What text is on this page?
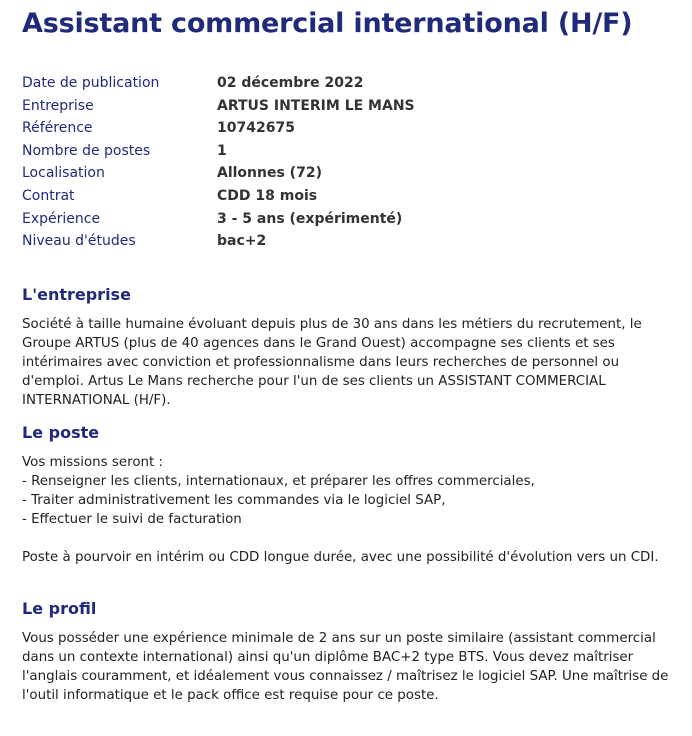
Assistant commercial international (H/F)
Date de publication	02 décembre 2022
Entreprise	ARTUS INTERIM LE MANS
Référence	10742675
Nombre de postes	1
Localisation	Allonnes (72)
Contrat	CDD 18 mois
Expérience	3 - 5 ans (expérimenté)
Niveau d'études	bac+2
L'entreprise

Société à taille humaine évoluant depuis plus de 30 ans dans les métiers du recrutement, le Groupe ARTUS (plus de 40 agences dans le Grand Ouest) accompagne ses clients et ses intérimaires avec conviction et professionnalisme dans leurs recherches de personnel ou d'emploi. Artus Le Mans recherche pour l'un de ses clients un ASSISTANT COMMERCIAL INTERNATIONAL (H/F).

Le poste

Vos missions seront :

- Renseigner les clients, internationaux, et préparer les offres commerciales,

- Traiter administrativement les commandes via le logiciel SAP,

- Effectuer le suivi de facturation

Poste à pourvoir en intérim ou CDD longue durée, avec une possibilité d'évolution vers un CDI.

Le profil

Vous posséder une expérience minimale de 2 ans sur un poste similaire (assistant commercial dans un contexte international) ainsi qu'un diplôme BAC+2 type BTS. Vous devez maîtriser l'anglais couramment, et idéalement vous connaissez / maîtrisez le logiciel SAP. Une maîtrise de l'outil informatique et le pack office est requise pour ce poste.
